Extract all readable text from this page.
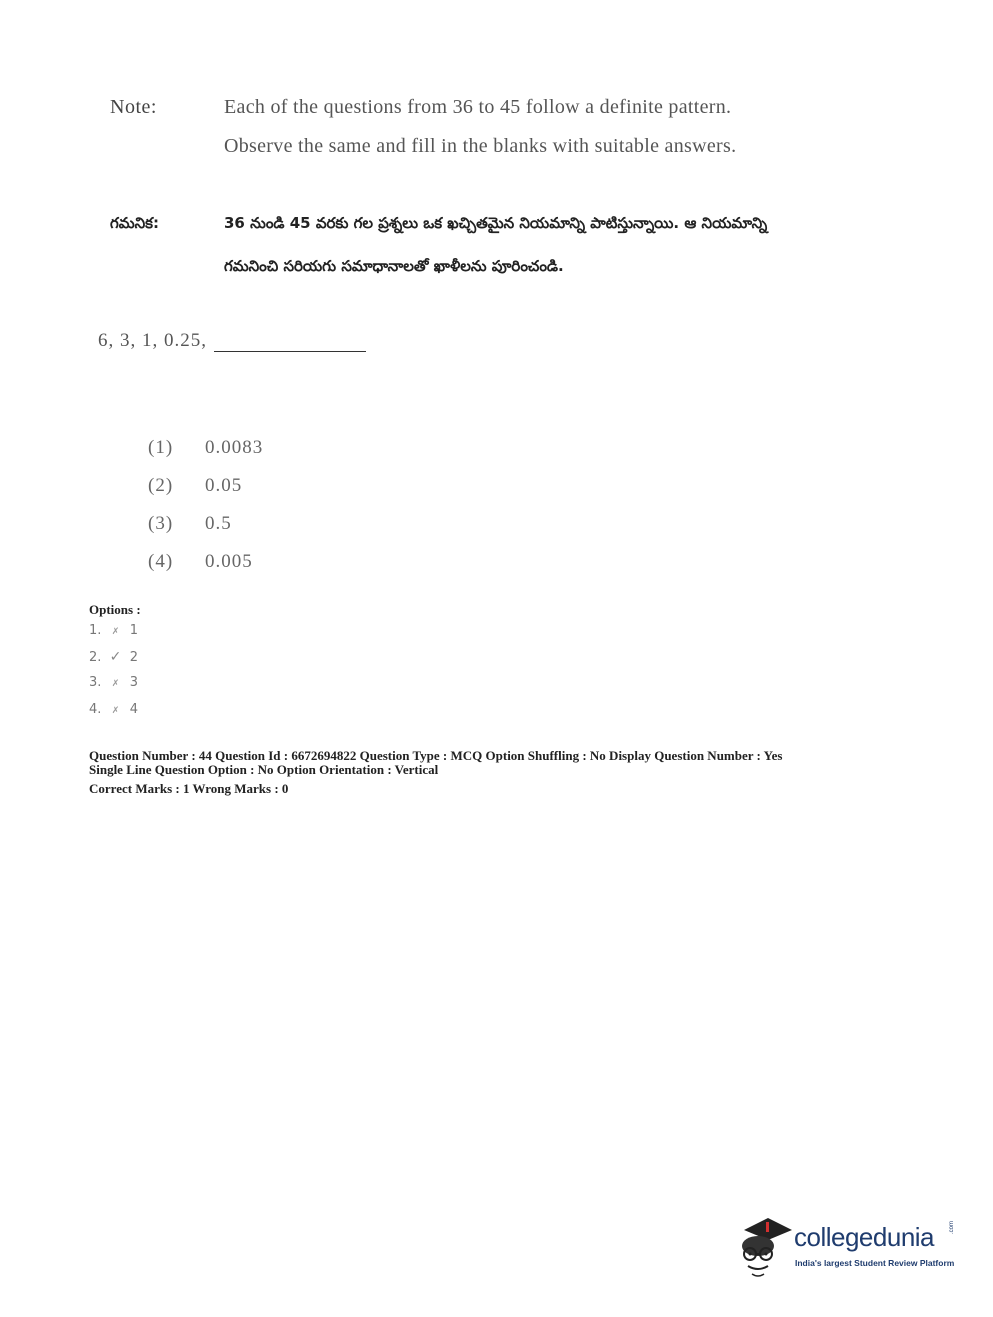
Note:	Each of the questions from 36 to 45 follow a definite pattern.
Observe the same and fill in the blanks with suitable answers.
గమనిక:	36 నుండి 45 వరకు గల ప్రశ్నలు ఒక ఖచ్చితమైన నియమాన్ని పాటిస్తున్నాయి. ఆ నియమాన్ని
గమనించి సరియగు సమాధానాలతో ఖాళీలను పూరించండి.
6, 3, 1, 0.25,
(1) 0.0083
(2) 0.05
(3) 0.5
(4) 0.005
Options :
1. ✗ 1
2. ✓ 2
3. ✗ 3
4. ✗ 4
Question Number : 44 Question Id : 6672694822 Question Type : MCQ Option Shuffling : No Display Question Number : Yes
Single Line Question Option : No Option Orientation : Vertical
Correct Marks : 1 Wrong Marks : 0
collegedunia .com
India's largest Student Review Platform
